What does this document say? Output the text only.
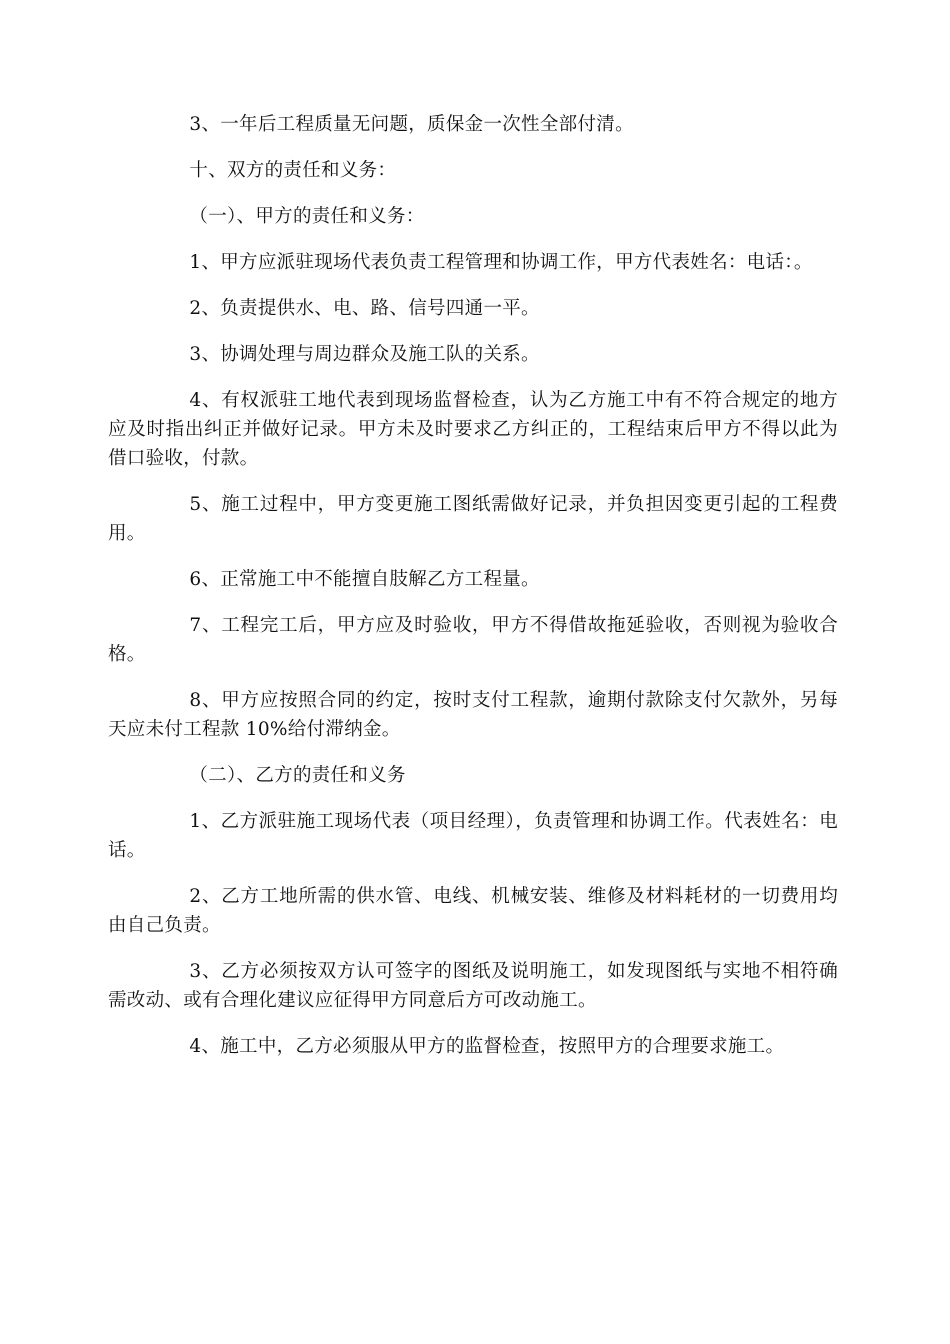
3、一年后工程质量无问题，质保金一次性全部付清。

十、双方的责任和义务：

（一）、甲方的责任和义务：

1、甲方应派驻现场代表负责工程管理和协调工作，甲方代表姓名：电话：。

2、负责提供水、电、路、信号四通一平。

3、协调处理与周边群众及施工队的关系。

4、有权派驻工地代表到现场监督检查，认为乙方施工中有不符合规定的地方应及时指出纠正并做好记录。甲方未及时要求乙方纠正的，工程结束后甲方不得以此为借口验收，付款。

5、施工过程中，甲方变更施工图纸需做好记录，并负担因变更引起的工程费用。

6、正常施工中不能擅自肢解乙方工程量。

7、工程完工后，甲方应及时验收，甲方不得借故拖延验收，否则视为验收合格。

8、甲方应按照合同的约定，按时支付工程款，逾期付款除支付欠款外，另每天应未付工程款 10%给付滞纳金。

（二）、乙方的责任和义务

1、乙方派驻施工现场代表（项目经理），负责管理和协调工作。代表姓名：电话。

2、乙方工地所需的供水管、电线、机械安装、维修及材料耗材的一切费用均由自己负责。

3、乙方必须按双方认可签字的图纸及说明施工，如发现图纸与实地不相符确需改动、或有合理化建议应征得甲方同意后方可改动施工。

4、施工中，乙方必须服从甲方的监督检查，按照甲方的合理要求施工。
